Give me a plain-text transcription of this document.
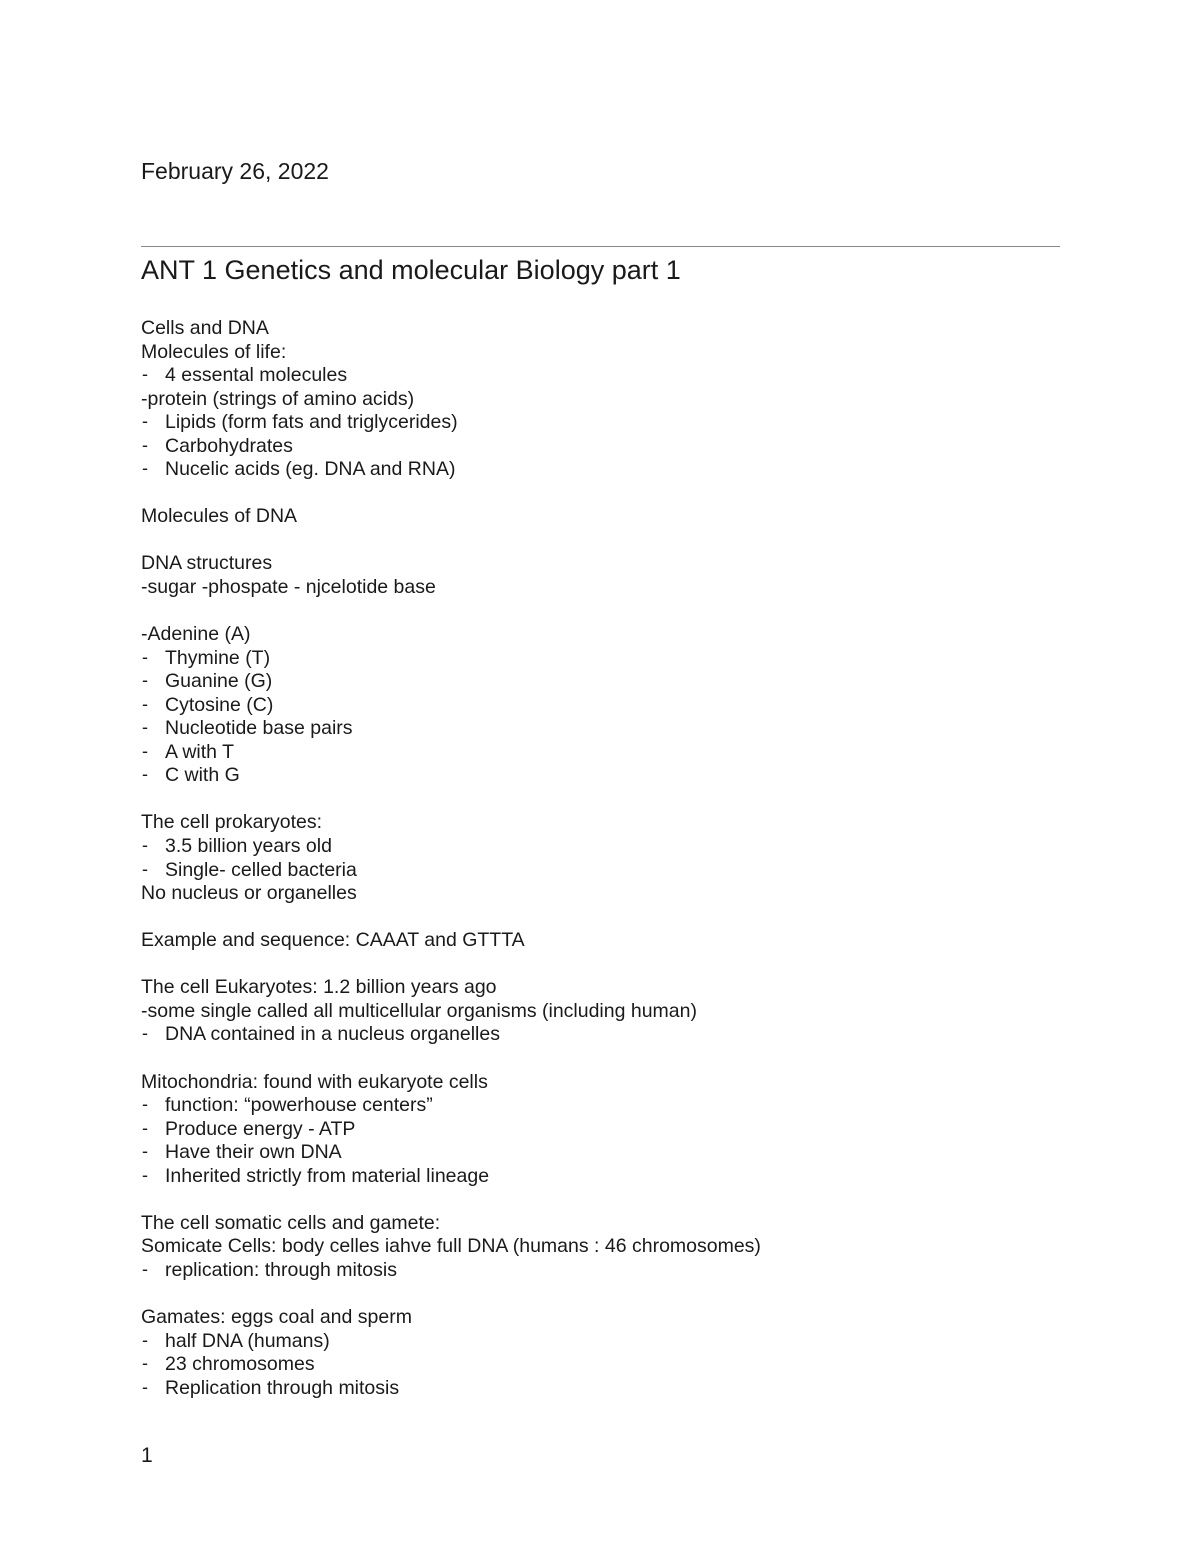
February 26, 2022
ANT 1 Genetics and molecular Biology part 1
Cells and DNA
Molecules of life:
- 4 essental molecules
-protein (strings of amino acids)
- Lipids (form fats and triglycerides)
- Carbohydrates
- Nucelic acids (eg. DNA and RNA)
Molecules of DNA
DNA structures
-sugar -phospate - njcelotide base
-Adenine (A)
- Thymine (T)
- Guanine (G)
- Cytosine (C)
- Nucleotide base pairs
- A with T
- C with G
The cell prokaryotes:
- 3.5 billion years old
- Single- celled bacteria
No nucleus or organelles
Example and sequence: CAAAT and GTTTA
The cell Eukaryotes: 1.2 billion years ago
-some single called all multicellular organisms (including human)
- DNA contained in a nucleus organelles
Mitochondria: found with eukaryote cells
- function: “powerhouse centers”
- Produce energy - ATP
- Have their own DNA
- Inherited strictly from material lineage
The cell somatic cells and gamete:
Somicate Cells: body celles iahve full DNA (humans : 46 chromosomes)
- replication: through mitosis
Gamates: eggs coal and sperm
- half DNA (humans)
- 23 chromosomes
- Replication through mitosis
1
